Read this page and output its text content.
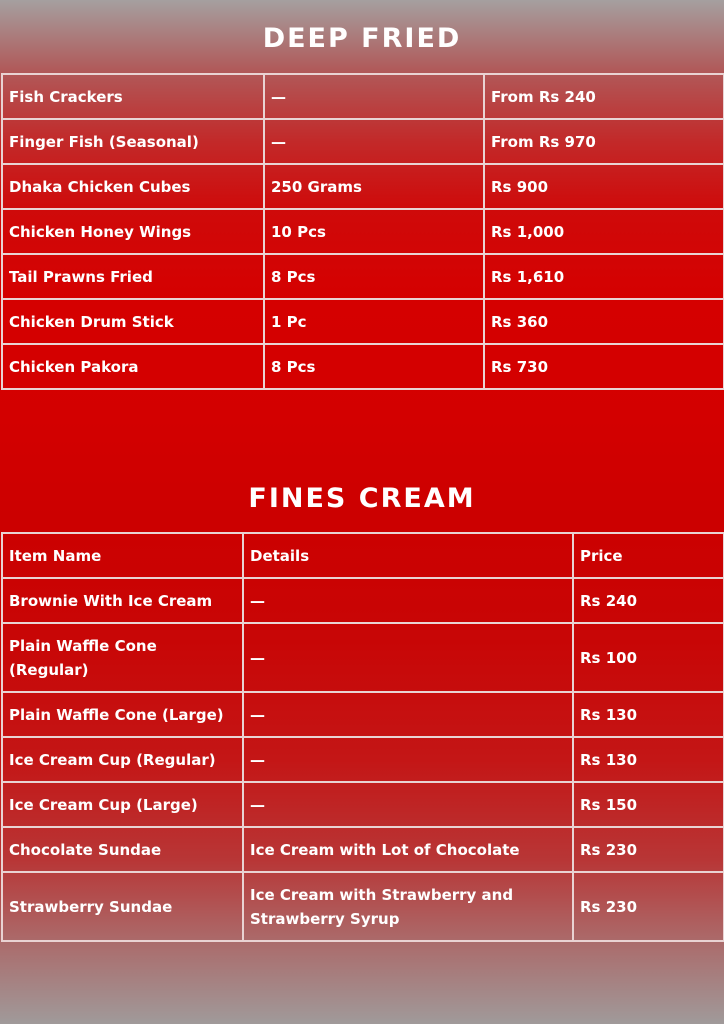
DEEP FRIED
Fish Crackers	—	From Rs 240
Finger Fish (Seasonal)	—	From Rs 970
Dhaka Chicken Cubes	250 Grams	Rs 900
Chicken Honey Wings	10 Pcs	Rs 1,000
Tail Prawns Fried	8 Pcs	Rs 1,610
Chicken Drum Stick	1 Pc	Rs 360
Chicken Pakora	8 Pcs	Rs 730
FINES CREAM
Item Name	Details	Price
Brownie With Ice Cream	—	Rs 240
Plain Waffle Cone (Regular)	—	Rs 100
Plain Waffle Cone (Large)	—	Rs 130
Ice Cream Cup (Regular)	—	Rs 130
Ice Cream Cup (Large)	—	Rs 150
Chocolate Sundae	Ice Cream with Lot of Chocolate	Rs 230
Strawberry Sundae	Ice Cream with Strawberry and Strawberry Syrup	Rs 230
